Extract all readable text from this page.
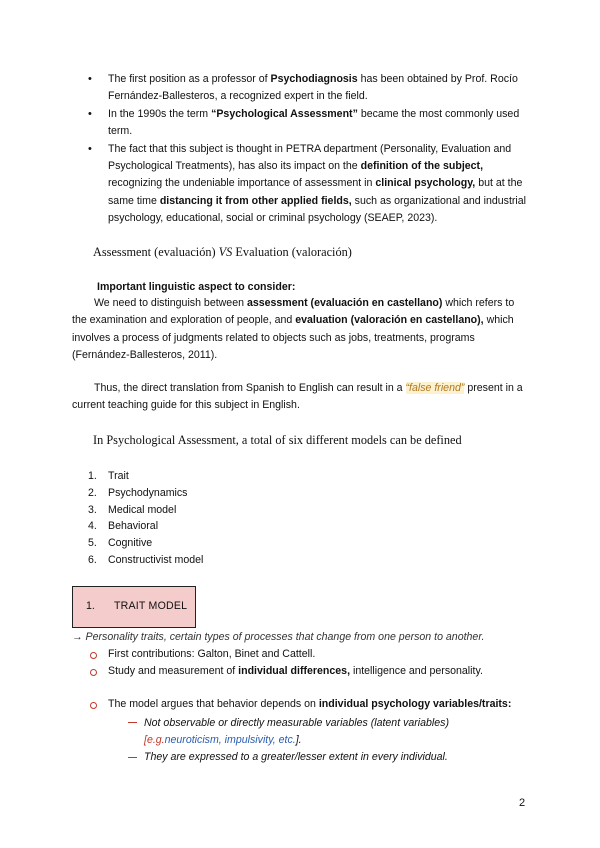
• The first position as a professor of Psychodiagnosis has been obtained by Prof. Rocío Fernández-Ballesteros, a recognized expert in the field.
• In the 1990s the term “Psychological Assessment” became the most commonly used term.
• The fact that this subject is thought in PETRA department (Personality, Evaluation and Psychological Treatments), has also its impact on the definition of the subject, recognizing the undeniable importance of assessment in clinical psychology, but at the same time distancing it from other applied fields, such as organizational and industrial psychology, educational, social or criminal psychology (SEAEP, 2023).
Assessment (evaluación) VS Evaluation (valoración)
Important linguistic aspect to consider:
We need to distinguish between assessment (evaluación en castellano) which refers to the examination and exploration of people, and evaluation (valoración en castellano), which involves a process of judgments related to objects such as jobs, treatments, programs (Fernández-Ballesteros, 2011).
Thus, the direct translation from Spanish to English can result in a “false friend” present in a current teaching guide for this subject in English.
In Psychological Assessment, a total of six different models can be defined
1. Trait
2. Psychodynamics
3. Medical model
4. Behavioral
5. Cognitive
6. Constructivist model
1. TRAIT MODEL
→ Personality traits, certain types of processes that change from one person to another.
First contributions: Galton, Binet and Cattell.
Study and measurement of individual differences, intelligence and personality.
The model argues that behavior depends on individual psychology variables/traits:
Not observable or directly measurable variables (latent variables) [e.g.neuroticism, impulsivity, etc.].
They are expressed to a greater/lesser extent in every individual.
2
